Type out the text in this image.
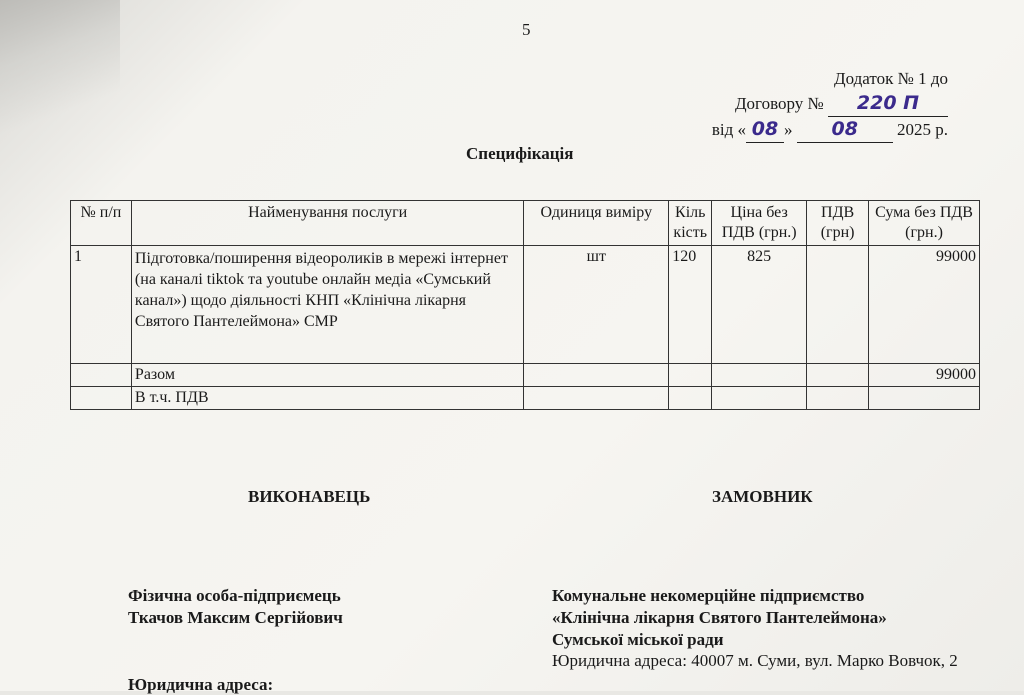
5
Додаток № 1 до
Договору № 220 П
від « 08 » 08 2025 р.
Специфікація
№ п/п	Найменування послуги	Одиниця виміру	Кіль кість	Ціна без ПДВ (грн.)	ПДВ (грн)	Сума без ПДВ (грн.)
1	Підготовка/поширення відеороликів в мережі інтернет (на каналі tiktok та youtube онлайн медіа «Сумський канал») щодо діяльності КНП «Клінічна лікарня Святого Пантелеймона» СМР	шт	120	825		99000
	Разом					99000
	В т.ч. ПДВ					
ВИКОНАВЕЦЬ	ЗАМОВНИК
Фізична особа-підприємець
Ткачов Максим Сергійович
Юридична адреса:
Комунальне некомерційне підприємство
«Клінічна лікарня Святого Пантелеймона»
Сумської міської ради
Юридична адреса: 40007 м. Суми, вул. Марко Вовчок, 2
